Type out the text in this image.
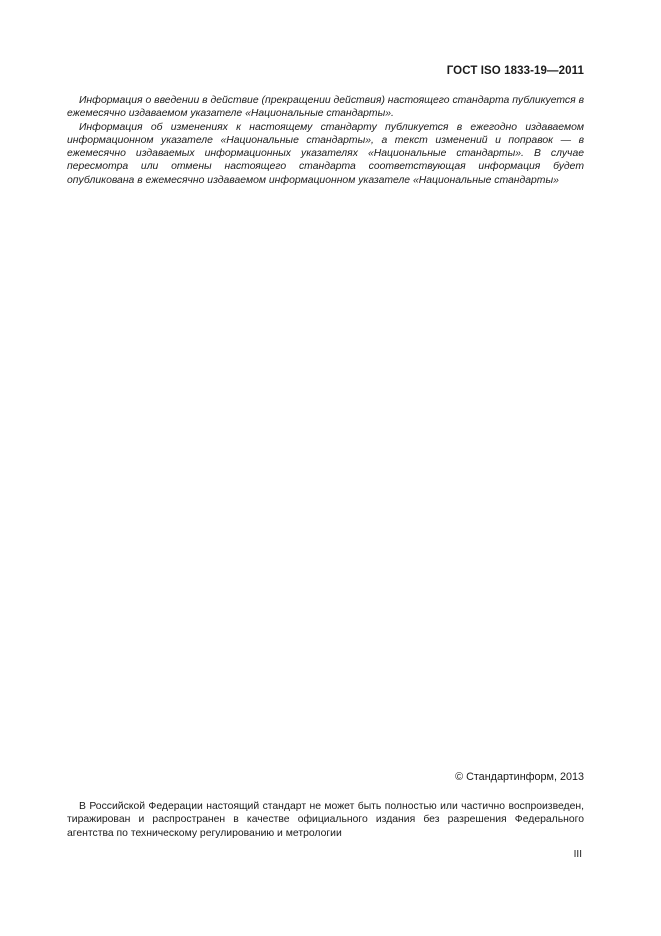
ГОСТ ISO 1833-19—2011

Информация о введении в действие (прекращении действия) настоящего стандарта публикуется в ежемесячно издаваемом указателе «Национальные стандарты».

Информация об изменениях к настоящему стандарту публикуется в ежегодно издаваемом информационном указателе «Национальные стандарты», а текст изменений и поправок — в ежемесячно издаваемых информационных указателях «Национальные стандарты». В случае пересмотра или отмены настоящего стандарта соответствующая информация будет опубликована в ежемесячно издаваемом информационном указателе «Национальные стандарты»

© Стандартинформ, 2013

В Российской Федерации настоящий стандарт не может быть полностью или частично воспроизведен, тиражирован и распространен в качестве официального издания без разрешения Федерального агентства по техническому регулированию и метрологии

III
